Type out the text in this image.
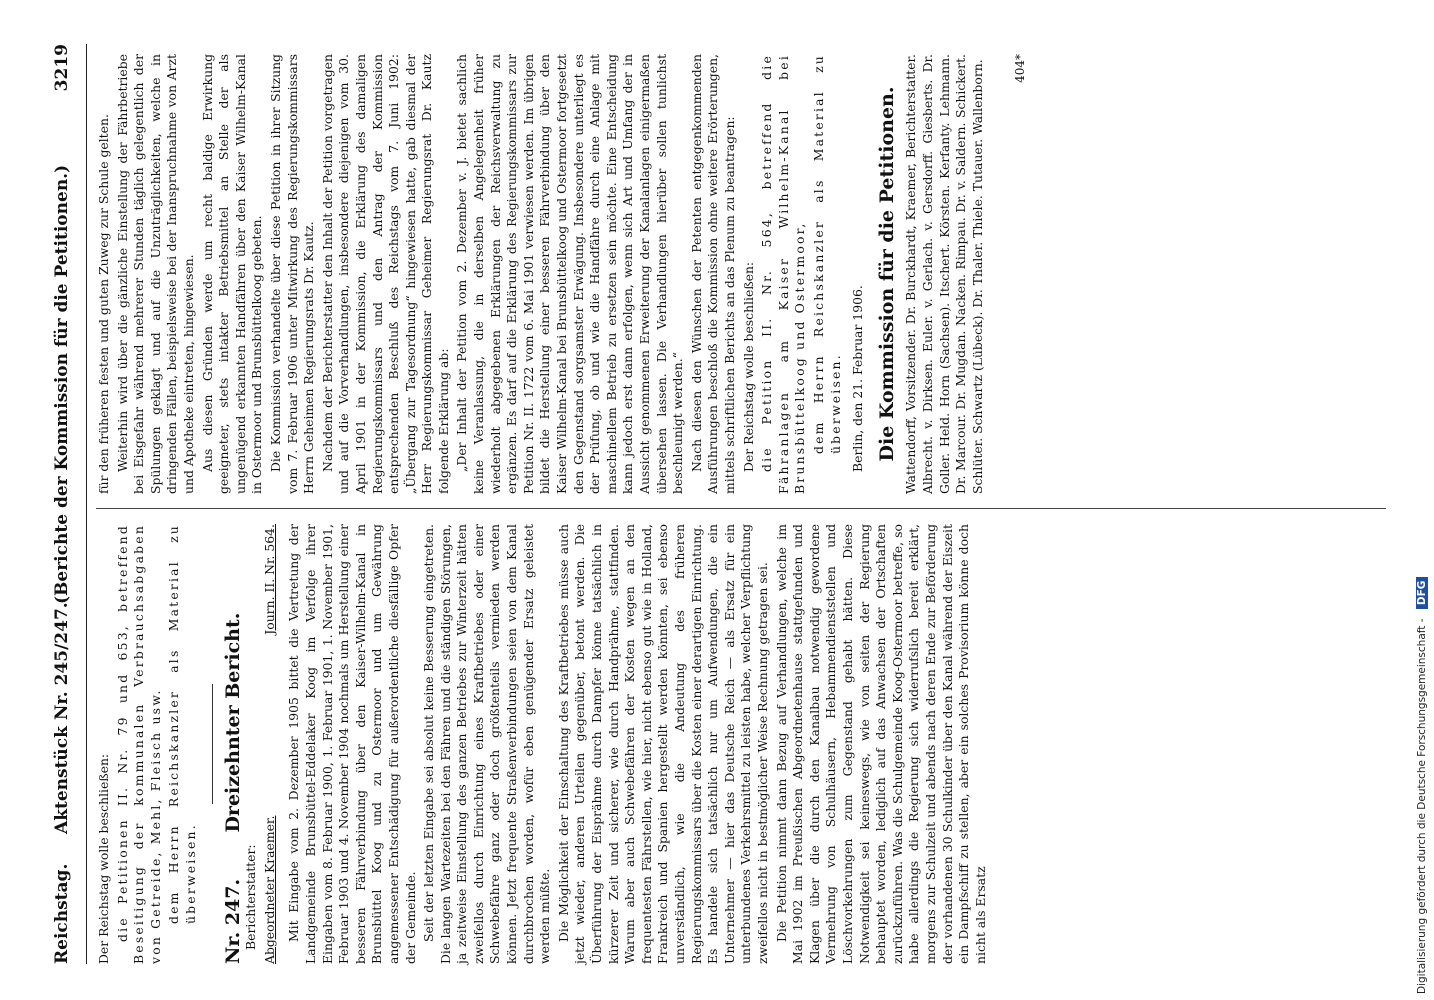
Reichstag.
Aktenstück Nr. 245/247.
(Berichte der Kommission für die Petitionen.)
3219

Der Reichstag wolle beschließen: die Petitionen II. Nr. 79 und 653, betreffend Beseitigung der kommunalen Verbrauchsabgaben von Getreide, Mehl, Fleisch usw. dem Herrn Reichskanzler als Material zu überweisen. Nr. 247.       Dreizehnter Bericht.

Berichterstatter: Abgeordneter Kraemer.
Journ. II. Nr. 564. Mit Eingabe vom 2. Dezember 1905 bittet die Vertretung der Landgemeinde Brunsbüttel-Eddelaker Koog im Verfolge ihrer Eingaben vom 8. Februar 1900, 1. Februar 1901, 1. November 1901, Februar 1903 und 4. November 1904 nochmals um Herstellung einer besseren Fährverbindung über den Kaiser-Wilhelm-Kanal in Brunsbüttel Koog und zu Ostermoor und um Gewährung angemessener Entschädigung für außerordentliche diesfällige Opfer der Gemeinde. Seit der letzten Eingabe sei absolut keine Besserung eingetreten. Die langen Wartezeiten bei den Fähren und die ständigen Störungen, ja zeitweise Einstellung des ganzen Betriebes zur Winterzeit hätten zweifellos durch Einrichtung eines Kraftbetriebes oder einer Schwebefähre ganz oder doch größtenteils vermieden werden können. Jetzt frequente Straßenverbindungen seien von dem Kanal durchbrochen worden, wofür eben genügender Ersatz geleistet werden müßte. Die Möglichkeit der Einschaltung des Kraftbetriebes müsse auch jetzt wieder, anderen Urteilen gegenüber, betont werden. Die Überführung der Eisprähme durch Dampfer könne tatsächlich in kürzerer Zeit und sicherer, wie durch Handprähme, stattfinden. Warum aber auch Schwebefähren der Kosten wegen an den frequentesten Fährstellen, wie hier, nicht ebenso gut wie in Holland, Frankreich und Spanien hergestellt werden könnten, sei ebenso unverständlich, wie die Andeutung des früheren Regierungskommissars über die Kosten einer derartigen Einrichtung. Es handele sich tatsächlich nur um Aufwendungen, die ein Unternehmer — hier das Deutsche Reich — als Ersatz für ein unterbundenes Verkehrsmittel zu leisten habe, welcher Verpflichtung zweifellos nicht in bestmöglicher Weise Rechnung getragen sei. Die Petition nimmt dann Bezug auf Verhandlungen, welche im Mai 1902 im Preußischen Abgeordnetenhause stattgefunden und Klagen über die durch den Kanalbau notwendig gewordene Vermehrung von Schulhäusern, Hebammendienststellen und Löschvorkehrungen zum Gegenstand gehabt hätten. Diese Notwendigkeit sei keineswegs, wie von seiten der Regierung behauptet worden, lediglich auf das Anwachsen der Ortschaften zurückzuführen. Was die Schulgemeinde Koog-Ostermoor betreffe, so habe allerdings die Regierung sich widerrufslich bereit erklärt, morgens zur Schulzeit und abends nach deren Ende zur Beförderung der vorhandenen 30 Schulkinder über den Kanal während der Eiszeit ein Dampfschiff zu stellen, aber ein solches Provisorium könne doch nicht als Ersatz

für den früheren festen und guten Zuweg zur Schule gelten. Weiterhin wird über die gänzliche Einstellung der Fährbetriebe bei Eisgefahr während mehrerer Stunden täglich gelegentlich der Spülungen geklagt und auf die Unzuträglichkeiten, welche in dringenden Fällen, beispielsweise bei der Inanspruchnahme von Arzt und Apotheke eintreten, hingewiesen. Aus diesen Gründen werde um recht baldige Erwirkung geeigneter, stets intakter Betriebsmittel an Stelle der als ungenügend erkannten Handfähren über den Kaiser Wilhelm-Kanal in Ostermoor und Brunsbüttelkoog gebeten. Die Kommission verhandelte über diese Petition in ihrer Sitzung vom 7. Februar 1906 unter Mitwirkung des Regierungskommissars Herrn Geheimen Regierungsrats Dr. Kautz. Nachdem der Berichterstatter den Inhalt der Petition vorgetragen und auf die Vorverhandlungen, insbesondere diejenigen vom 30. April 1901 in der Kommission, die Erklärung des damaligen Regierungskommissars und den Antrag der Kommission entsprechenden Beschluß des Reichstags vom 7. Juni 1902: „Übergang zur Tagesordnung“ hingewiesen hatte, gab diesmal der Herr Regierungskommissar Geheimer Regierungsrat Dr. Kautz folgende Erklärung ab: „Der Inhalt der Petition vom 2. Dezember v. J. bietet sachlich keine Veranlassung, die in derselben Angelegenheit früher wiederholt abgegebenen Erklärungen der Reichsverwaltung zu ergänzen. Es darf auf die Erklärung des Regierungskommissars zur Petition Nr. II. 1722 vom 6. Mai 1901 verwiesen werden. Im übrigen bildet die Herstellung einer besseren Fährverbindung über den Kaiser Wilhelm-Kanal bei Brunsbüttelkoog und Ostermoor fortgesetzt den Gegenstand sorgsamster Erwägung. Insbesondere unterliegt es der Prüfung, ob und wie die Handfähre durch eine Anlage mit maschinellem Betrieb zu ersetzen sein möchte. Eine Entscheidung kann jedoch erst dann erfolgen, wenn sich Art und Umfang der in Aussicht genommenen Erweiterung der Kanalanlagen einigermaßen übersehen lassen. Die Verhandlungen hierüber sollen tunlichst beschleunigt werden.“ Nach diesen den Wünschen der Petenten entgegenkommenden Ausführungen beschloß die Kommission ohne weitere Erörterungen, mittels schriftlichen Berichts an das Plenum zu beantragen: Der Reichstag wolle beschließen: die Petition II. Nr. 564, betreffend die Fähranlagen am Kaiser Wilhelm-Kanal bei Brunsbüttelkoog und Ostermoor, dem Herrn Reichskanzler als Material zu überweisen. Berlin, den 21. Februar 1906. Die Kommission für die Petitionen. Wattendorff, Vorsitzender. Dr. Burckhardt, Kraemer, Berichterstatter. Albrecht. v. Dirksen. Euler. v. Gerlach. v. Gersdorff. Giesberts. Dr. Goller. Held. Horn (Sachsen). Itschert. Körsten. Kerfanty. Lehmann. Dr. Marcour. Dr. Mugdan. Nacken. Rimpau. Dr. v. Saldern. Schickert. Schlüter. Schwartz (Lübeck). Dr. Thaler. Thiele. Tutauer. Wallenborn. 404*
Digitalisierung gefördert durch die Deutsche Forschungsgemeinschaft - DFG
